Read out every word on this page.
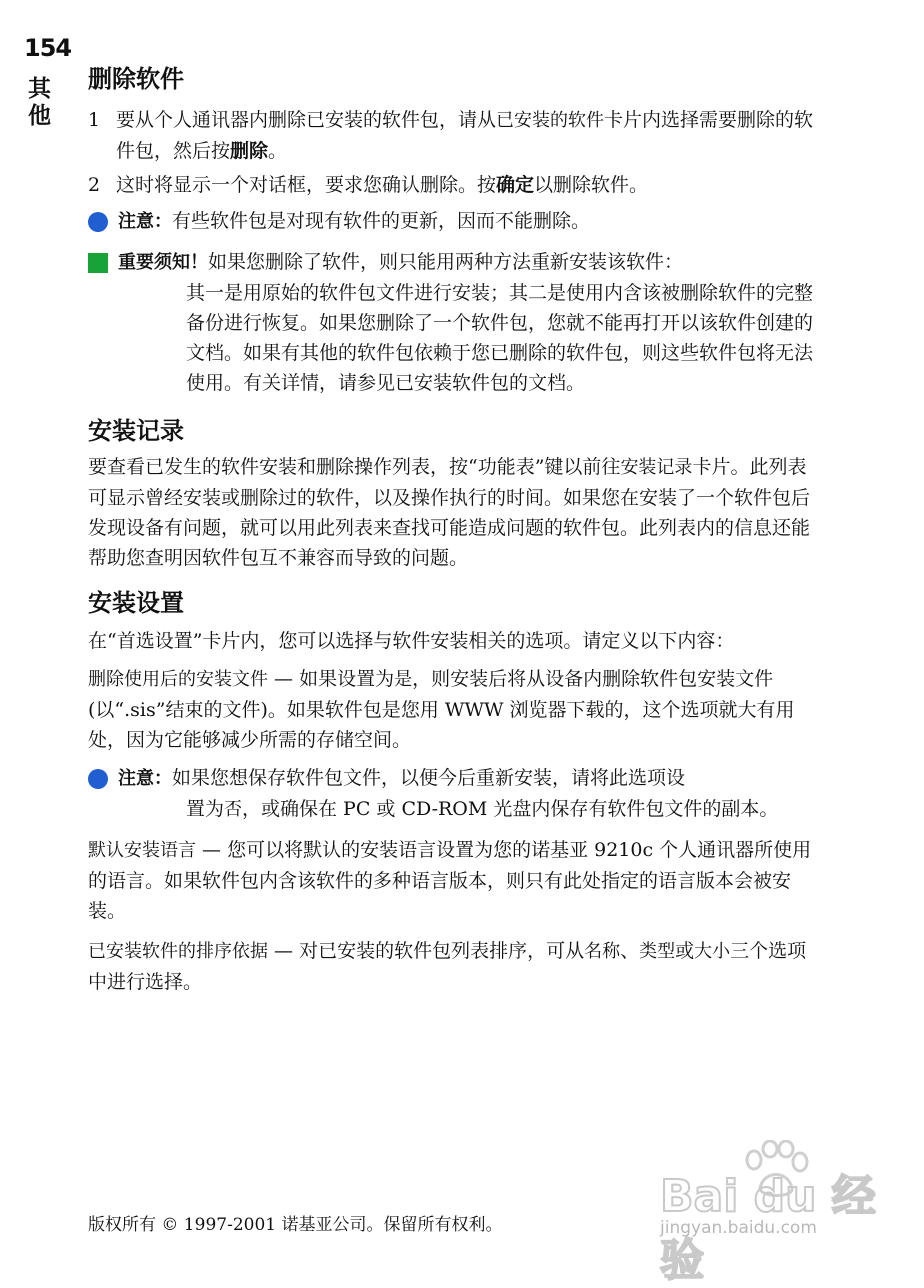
154
其他
删除软件
1 要从个人通讯器内删除已安装的软件包，请从已安装的软件卡片内选择需要删除的软件包，然后按删除。
2 这时将显示一个对话框，要求您确认删除。按确定以删除软件。
注意：有些软件包是对现有软件的更新，因而不能删除。
重要须知！如果您删除了软件，则只能用两种方法重新安装该软件：
其一是用原始的软件包文件进行安装；其二是使用内含该被删除软件的完整备份进行恢复。如果您删除了一个软件包，您就不能再打开以该软件创建的文档。如果有其他的软件包依赖于您已删除的软件包，则这些软件包将无法使用。有关详情，请参见已安装软件包的文档。
安装记录

要查看已发生的软件安装和删除操作列表，按“功能表”键以前往安装记录卡片。此列表可显示曾经安装或删除过的软件，以及操作执行的时间。如果您在安装了一个软件包后发现设备有问题，就可以用此列表来查找可能造成问题的软件包。此列表内的信息还能帮助您查明因软件包互不兼容而导致的问题。

安装设置

在“首选设置”卡片内，您可以选择与软件安装相关的选项。请定义以下内容：

删除使用后的安装文件 — 如果设置为是，则安装后将从设备内删除软件包安装文件 (以“.sis”结束的文件)。如果软件包是您用 WWW 浏览器下载的，这个选项就大有用处，因为它能够减少所需的存储空间。

注意：如果您想保存软件包文件，以便今后重新安装，请将此选项设
置为否，或确保在 PC 或 CD-ROM 光盘内保存有软件包文件的副本。

默认安装语言 — 您可以将默认的安装语言设置为您的诺基亚 9210c 个人通讯器所使用的语言。如果软件包内含该软件的多种语言版本，则只有此处指定的语言版本会被安装。

已安装软件的排序依据 — 对已安装的软件包列表排序，可从名称、类型或大小三个选项中进行选择。

版权所有 © 1997-2001 诺基亚公司。保留所有权利。
Bai du 经验
jingyan.baidu.com
